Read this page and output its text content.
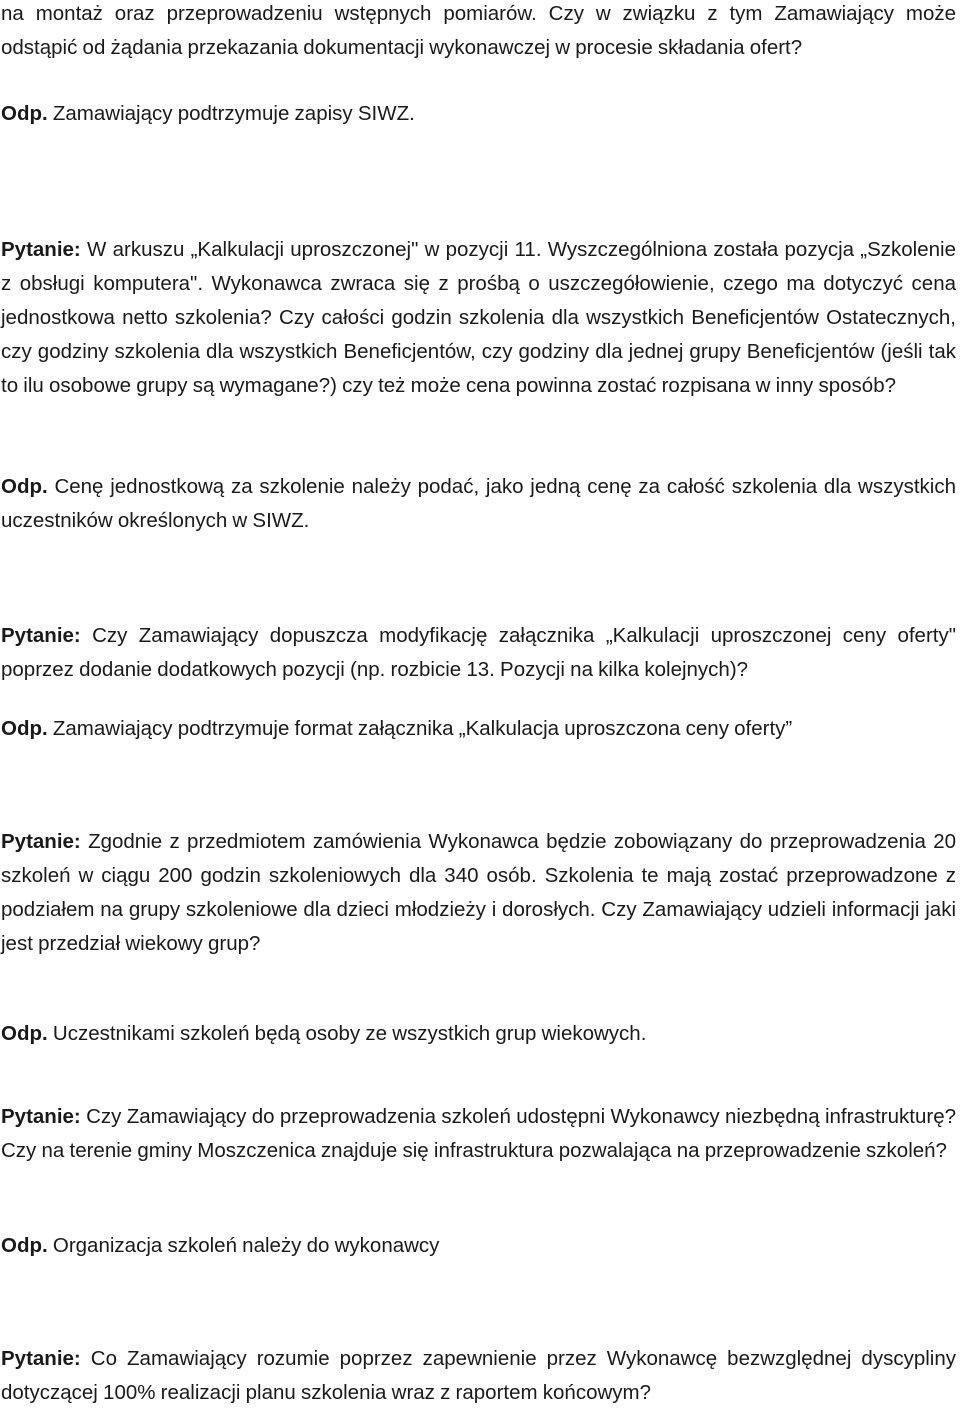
na montaż oraz przeprowadzeniu wstępnych pomiarów. Czy w związku z tym Zamawiający może odstąpić od żądania przekazania dokumentacji wykonawczej w procesie składania ofert?

Odp. Zamawiający podtrzymuje zapisy SIWZ.

Pytanie: W arkuszu „Kalkulacji uproszczonej" w pozycji 11. Wyszczególniona została pozycja „Szkolenie z obsługi komputera". Wykonawca zwraca się z prośbą o uszczegółowienie, czego ma dotyczyć cena jednostkowa netto szkolenia? Czy całości godzin szkolenia dla wszystkich Beneficjentów Ostatecznych, czy godziny szkolenia dla wszystkich Beneficjentów, czy godziny dla jednej grupy Beneficjentów (jeśli tak to ilu osobowe grupy są wymagane?) czy też może cena powinna zostać rozpisana w inny sposób?

Odp. Cenę jednostkową za szkolenie należy podać, jako jedną cenę za całość szkolenia dla wszystkich uczestników określonych w SIWZ.

Pytanie: Czy Zamawiający dopuszcza modyfikację załącznika „Kalkulacji uproszczonej ceny oferty" poprzez dodanie dodatkowych pozycji (np. rozbicie 13. Pozycji na kilka kolejnych)?

Odp. Zamawiający podtrzymuje format załącznika „Kalkulacja uproszczona ceny oferty”

Pytanie: Zgodnie z przedmiotem zamówienia Wykonawca będzie zobowiązany do przeprowadzenia 20 szkoleń w ciągu 200 godzin szkoleniowych dla 340 osób. Szkolenia te mają zostać przeprowadzone z podziałem na grupy szkoleniowe dla dzieci młodzieży i dorosłych. Czy Zamawiający udzieli informacji jaki jest przedział wiekowy grup?

Odp. Uczestnikami szkoleń będą osoby ze wszystkich grup wiekowych.

Pytanie: Czy Zamawiający do przeprowadzenia szkoleń udostępni Wykonawcy niezbędną infrastrukturę? Czy na terenie gminy Moszczenica znajduje się infrastruktura pozwalająca na przeprowadzenie szkoleń?

Odp. Organizacja szkoleń należy do wykonawcy

Pytanie: Co Zamawiający rozumie poprzez zapewnienie przez Wykonawcę bezwzględnej dyscypliny dotyczącej 100% realizacji planu szkolenia wraz z raportem końcowym?
